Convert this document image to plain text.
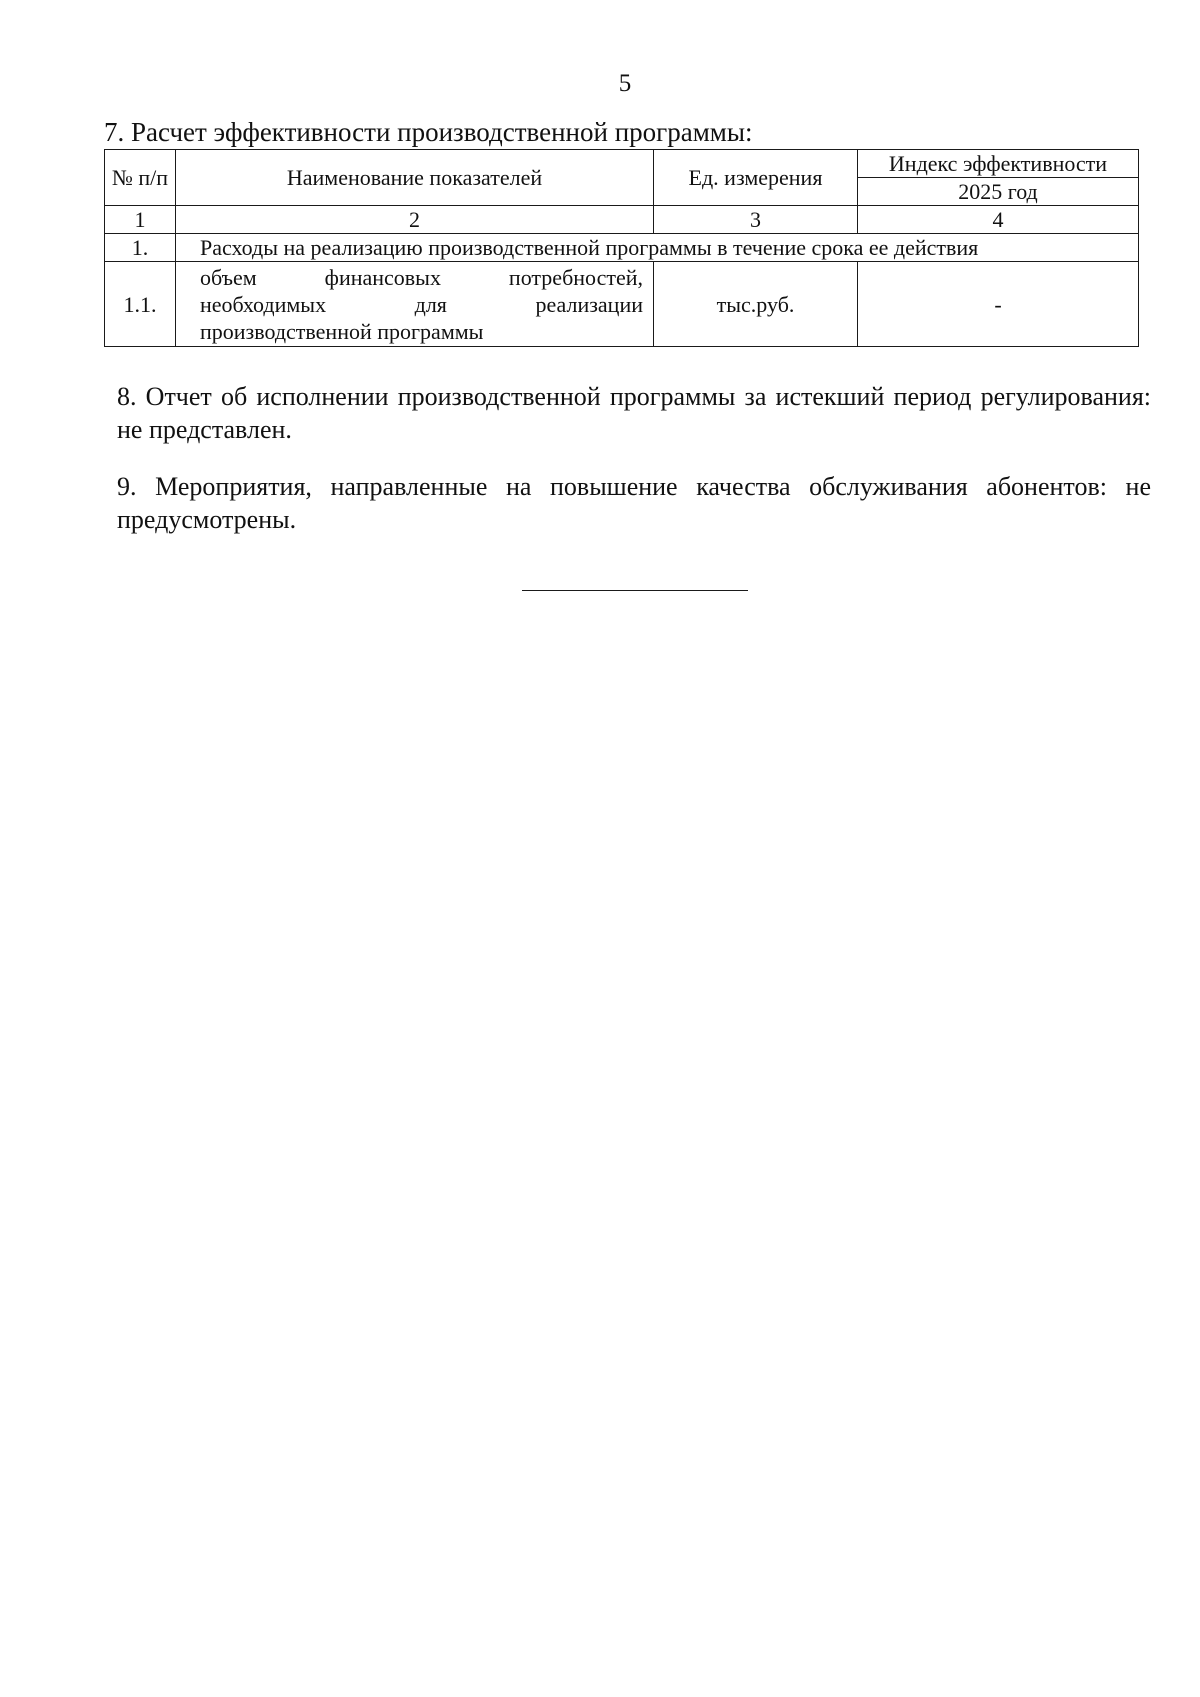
5
7. Расчет эффективности производственной программы:
№ п/п	Наименование показателей	Ед. измерения	Индекс эффективности
			2025 год
1	2	3	4
1.	Расходы на реализацию производственной программы в течение срока ее действия		
1.1.	объем финансовых потребностей, необходимых для реализации производственной программы	тыс.руб.	-
8. Отчет об исполнении производственной программы за истекший период регулирования: не представлен.
9. Мероприятия, направленные на повышение качества обслуживания абонентов: не предусмотрены.
